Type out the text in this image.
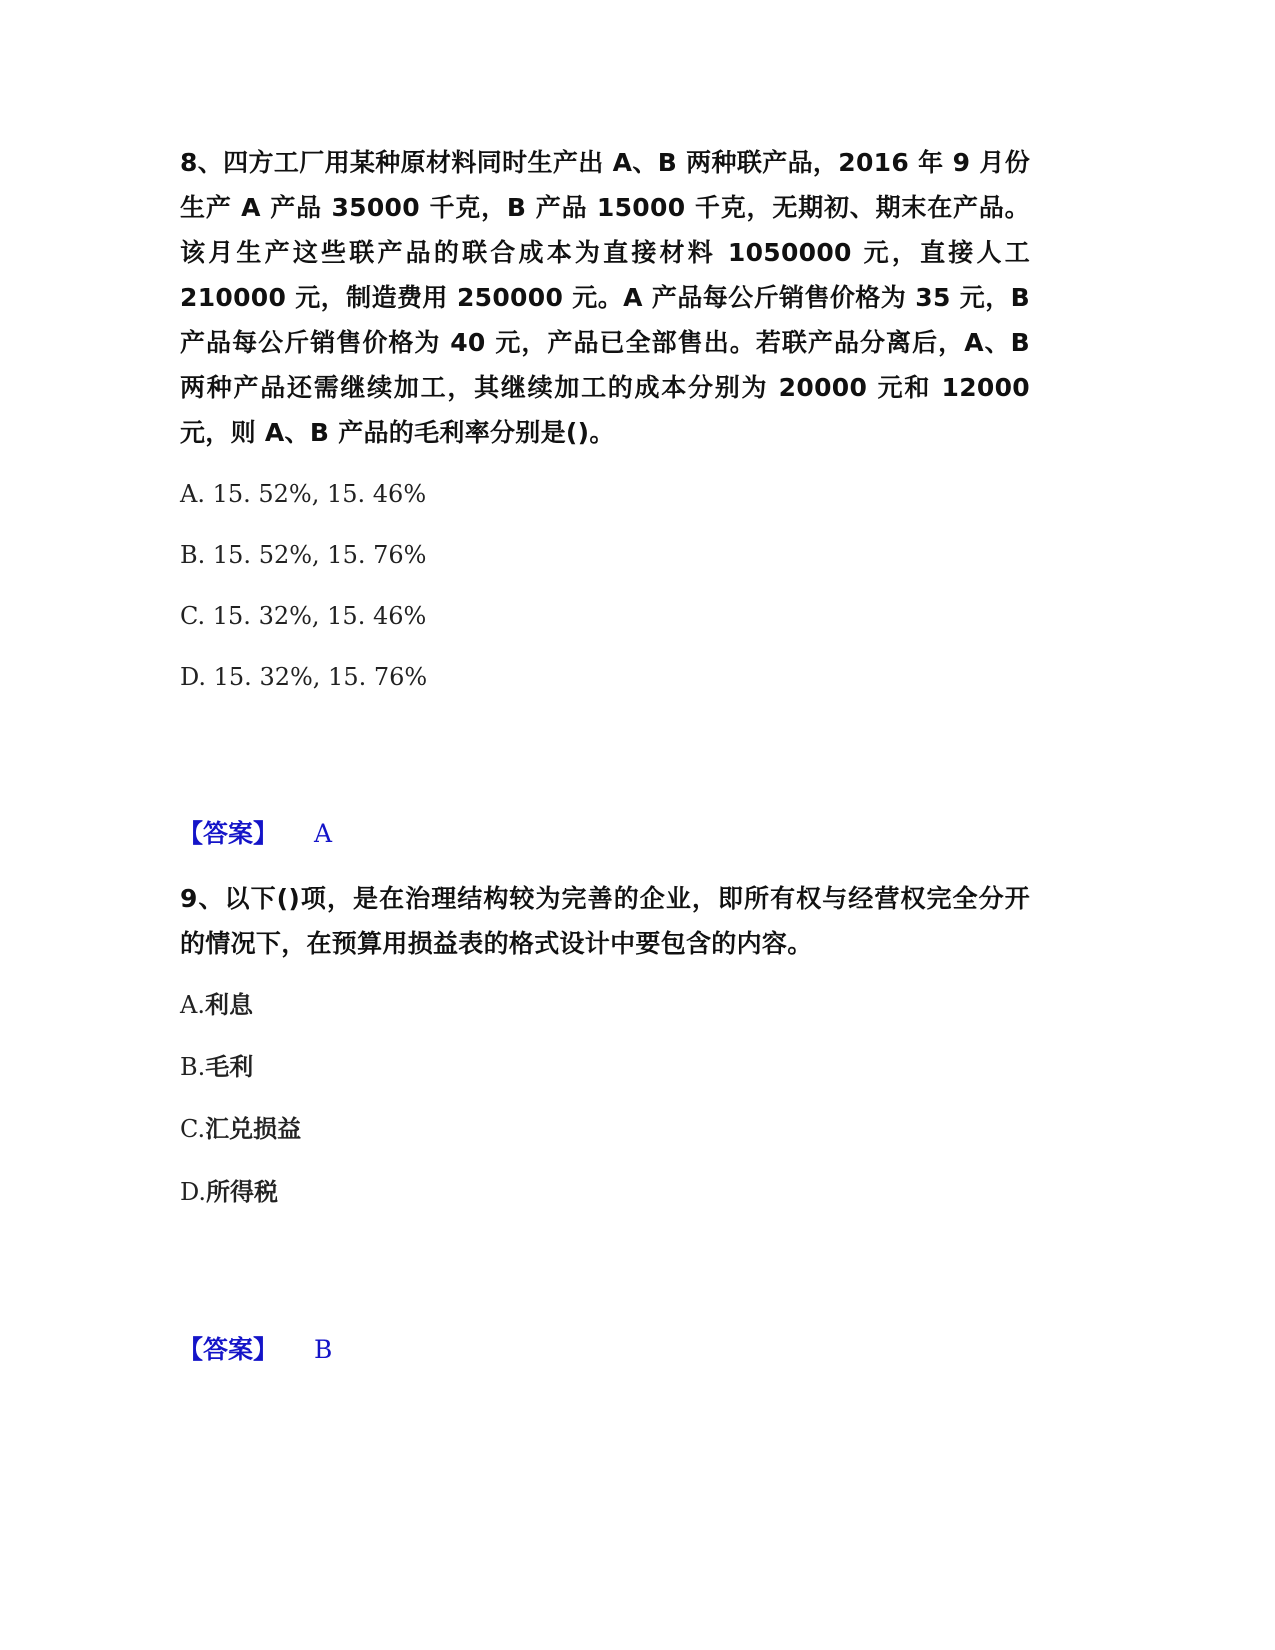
8、四方工厂用某种原材料同时生产出 A、B 两种联产品，2016 年 9 月份生产 A 产品 35000 千克，B 产品 15000 千克，无期初、期末在产品。该月生产这些联产品的联合成本为直接材料 1050000 元，直接人工 210000 元，制造费用 250000 元。A 产品每公斤销售价格为 35 元，B 产品每公斤销售价格为 40 元，产品已全部售出。若联产品分离后，A、B 两种产品还需继续加工，其继续加工的成本分别为 20000 元和 12000 元，则 A、B 产品的毛利率分别是()。
A. 15. 52%, 15. 46%
B. 15. 52%, 15. 76%
C. 15. 32%, 15. 46%
D. 15. 32%, 15. 76%
【答案】 A
9、以下()项，是在治理结构较为完善的企业，即所有权与经营权完全分开的情况下，在预算用损益表的格式设计中要包含的内容。
A.利息
B.毛利
C.汇兑损益
D.所得税
【答案】 B
